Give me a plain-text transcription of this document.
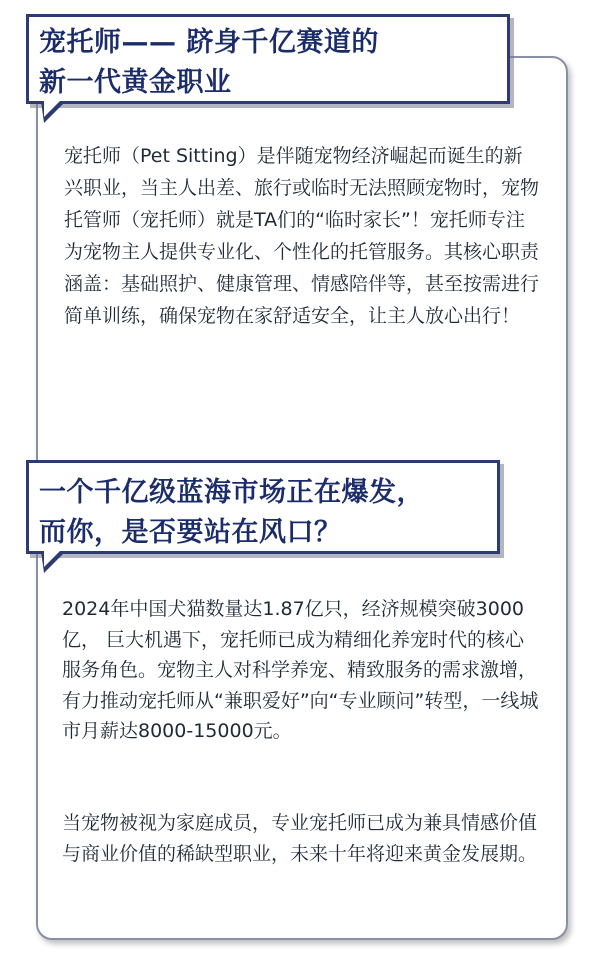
宠托师—— 跻身千亿赛道的
新一代黄金职业

宠托师（Pet Sitting）是伴随宠物经济崛起而诞生的新兴职业，当主人出差、旅行或临时无法照顾宠物时，宠物托管师（宠托师）就是TA们的“临时家长”！宠托师专注为宠物主人提供专业化、个性化的托管服务。其核心职责涵盖：基础照护、健康管理、情感陪伴等，甚至按需进行简单训练，确保宠物在家舒适安全，让主人放心出行！

一个千亿级蓝海市场正在爆发，
而你，是否要站在风口？

2024年中国犬猫数量达1.87亿只，经济规模突破3000亿， 巨大机遇下，宠托师已成为精细化养宠时代的核心服务角色。宠物主人对科学养宠、精致服务的需求激增，有力推动宠托师从“兼职爱好”向“专业顾问”转型，一线城市月薪达8000-15000元。

当宠物被视为家庭成员，专业宠托师已成为兼具情感价值与商业价值的稀缺型职业，未来十年将迎来黄金发展期。
